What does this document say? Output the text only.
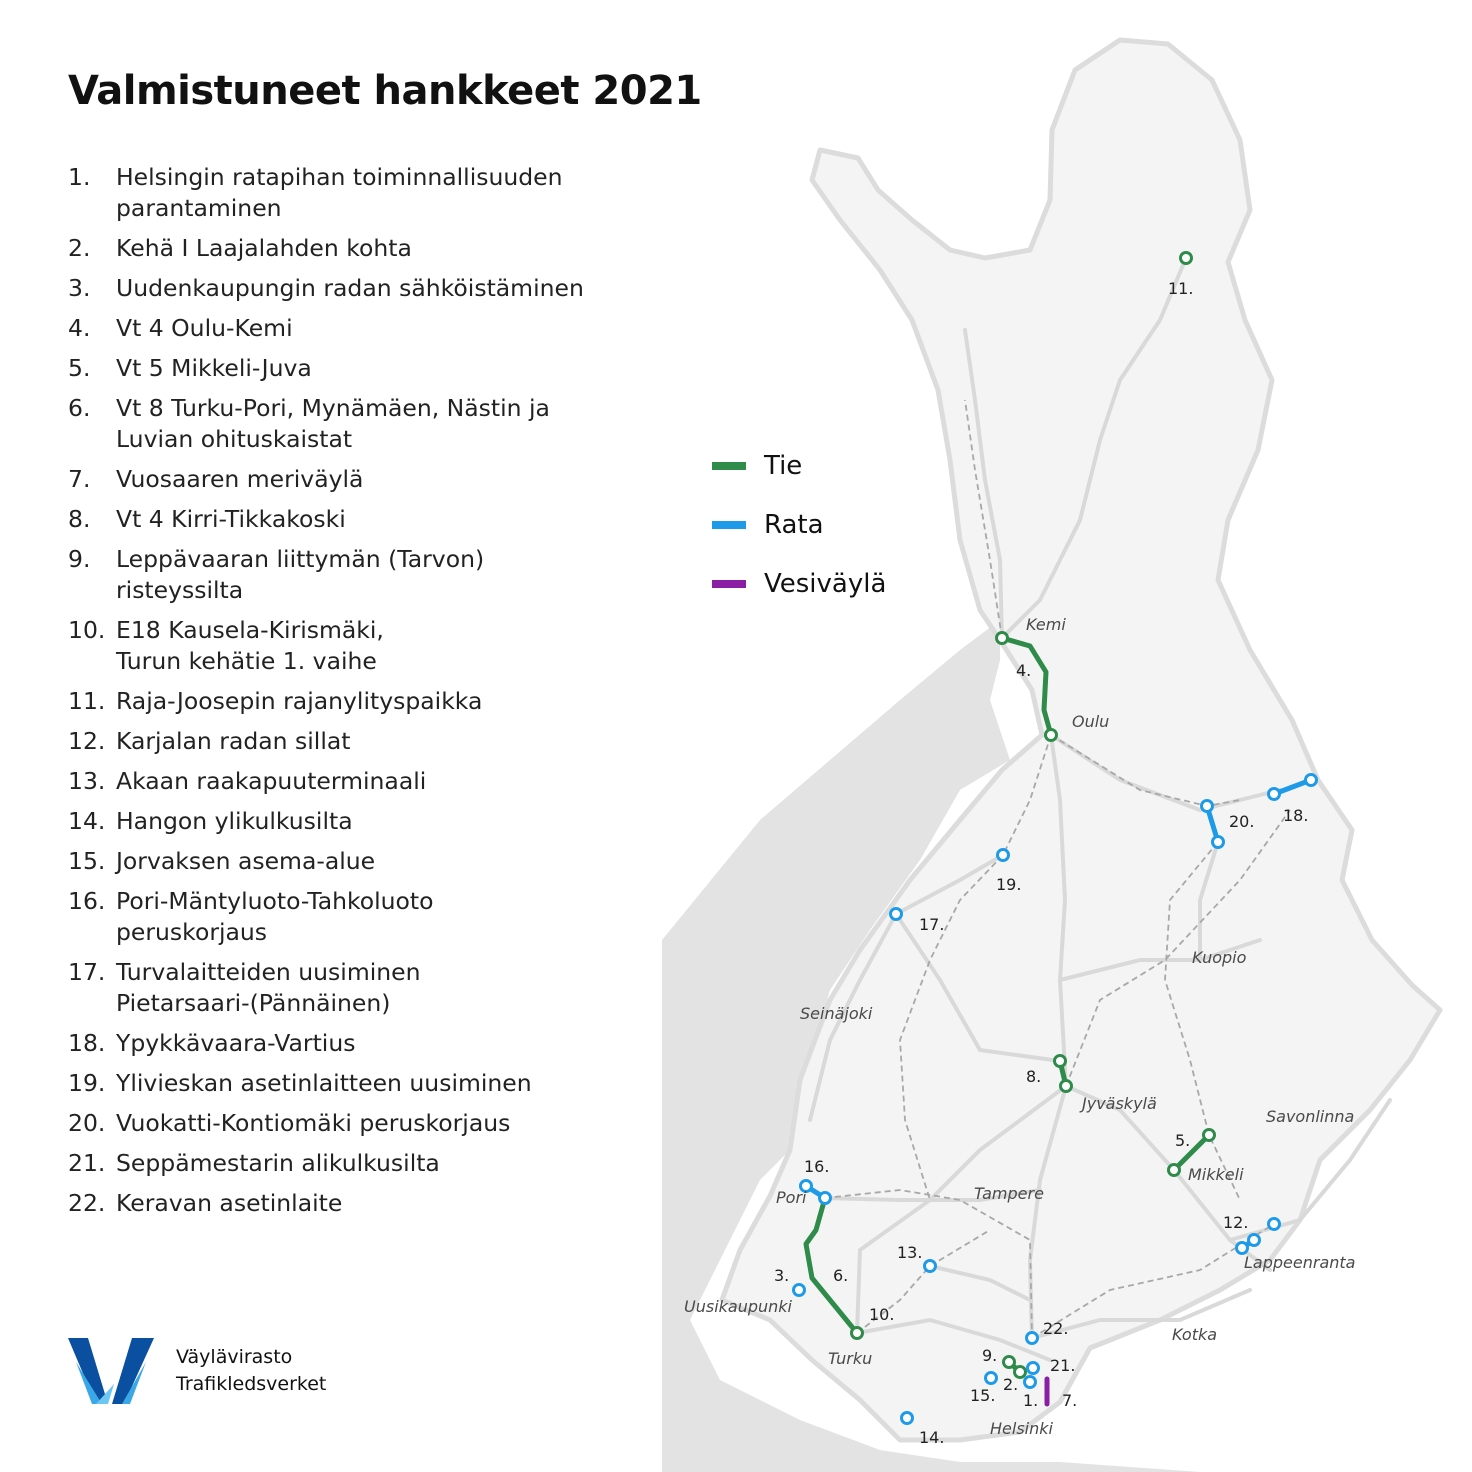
Kemi
Oulu
Kuopio
Seinäjoki
Jyväskylä
Savonlinna
Mikkeli
Pori	Tampere
Lappeenranta
Uusikaupunki
Kotka
Turku
Helsinki
11.
4.
18.
20.
19.
17.
8.
5.
16.
12.
13.
3.	6.
10.
22.
9.
21.
2.
15. 1. 7.
14.
Valmistuneet hankkeet 2021
1.	Helsingin ratapihan toiminnallisuuden
parantaminen
2.	Kehä I Laajalahden kohta
3.	Uudenkaupungin radan sähköistäminen
4.	Vt 4 Oulu-Kemi
5.	Vt 5 Mikkeli-Juva
6.	Vt 8 Turku-Pori, Mynämäen, Nästin ja
Luvian ohituskaistat
7.	Vuosaaren meriväylä
8.	Vt 4 Kirri-Tikkakoski
9.	Leppävaaran liittymän (Tarvon)
risteyssilta
10. E18 Kausela-Kirismäki,
Turun kehätie 1. vaihe
11. Raja-Joosepin rajanylityspaikka
12. Karjalan radan sillat
13. Akaan raakapuuterminaali
14. Hangon ylikulkusilta
15. Jorvaksen asema-alue
16. Pori-Mäntyluoto-Tahkoluoto
peruskorjaus
17. Turvalaitteiden uusiminen
Pietarsaari-(Pännäinen)
18. Ypykkävaara-Vartius
19. Ylivieskan asetinlaitteen uusiminen
20. Vuokatti-Kontiomäki peruskorjaus
21. Seppämestarin alikulkusilta
22. Keravan asetinlaite
Tie
Rata
Vesiväylä
Väylävirasto
Trafikledsverket
